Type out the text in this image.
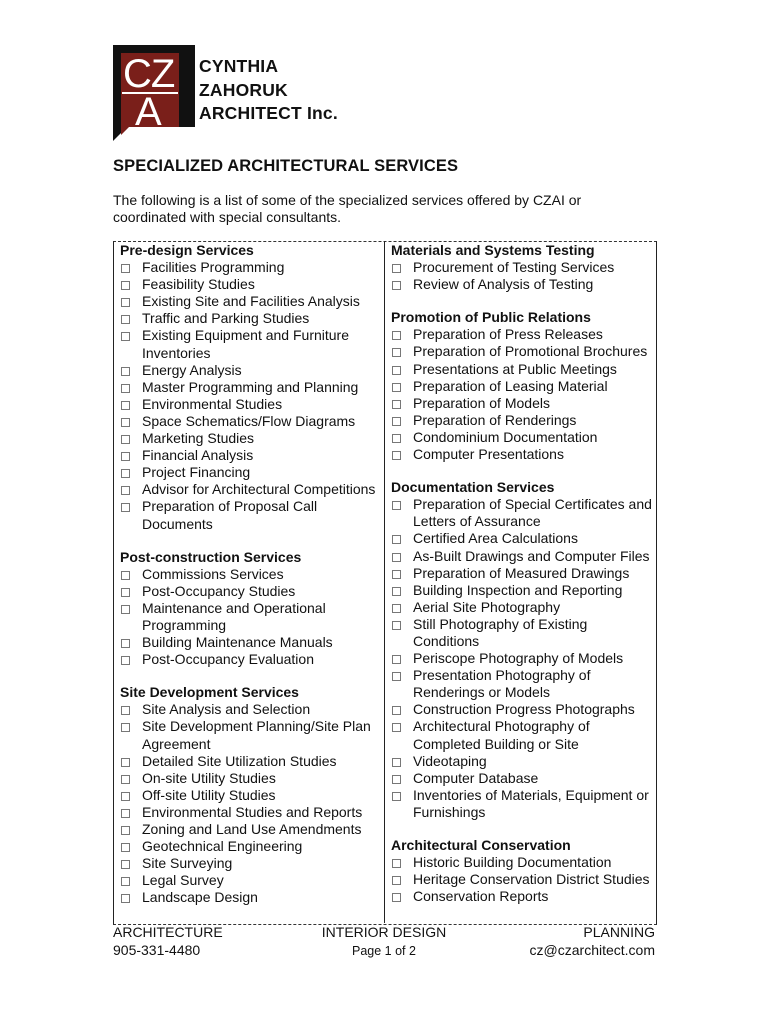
CZ
A
CYNTHIA
ZAHORUK
ARCHITECT Inc.
SPECIALIZED ARCHITECTURAL SERVICES
The following is a list of some of the specialized services offered by CZAI or coordinated with special consultants.
Pre-design Services
Facilities Programming
Feasibility Studies
Existing Site and Facilities Analysis
Traffic and Parking Studies
Existing Equipment and Furniture Inventories
Energy Analysis
Master Programming and Planning
Environmental Studies
Space Schematics/Flow Diagrams
Marketing Studies
Financial Analysis
Project Financing
Advisor for Architectural Competitions
Preparation of Proposal Call Documents
Post-construction Services
Commissions Services
Post-Occupancy Studies
Maintenance and Operational Programming
Building Maintenance Manuals
Post-Occupancy Evaluation
Site Development Services
Site Analysis and Selection
Site Development Planning/Site Plan Agreement
Detailed Site Utilization Studies
On-site Utility Studies
Off-site Utility Studies
Environmental Studies and Reports
Zoning and Land Use Amendments
Geotechnical Engineering
Site Surveying
Legal Survey
Landscape Design
Materials and Systems Testing
Procurement of Testing Services
Review of Analysis of Testing
Promotion of Public Relations
Preparation of Press Releases
Preparation of Promotional Brochures
Presentations at Public Meetings
Preparation of Leasing Material
Preparation of Models
Preparation of Renderings
Condominium Documentation
Computer Presentations
Documentation Services
Preparation of Special Certificates and Letters of Assurance
Certified Area Calculations
As-Built Drawings and Computer Files
Preparation of Measured Drawings
Building Inspection and Reporting
Aerial Site Photography
Still Photography of Existing Conditions
Periscope Photography of Models
Presentation Photography of Renderings or Models
Construction Progress Photographs
Architectural Photography of Completed Building or Site
Videotaping
Computer Database
Inventories of Materials, Equipment or Furnishings
Architectural Conservation
Historic Building Documentation
Heritage Conservation District Studies
Conservation Reports
ARCHITECTURE	INTERIOR DESIGN	PLANNING
905-331-4480	Page 1 of 2	cz@czarchitect.com
